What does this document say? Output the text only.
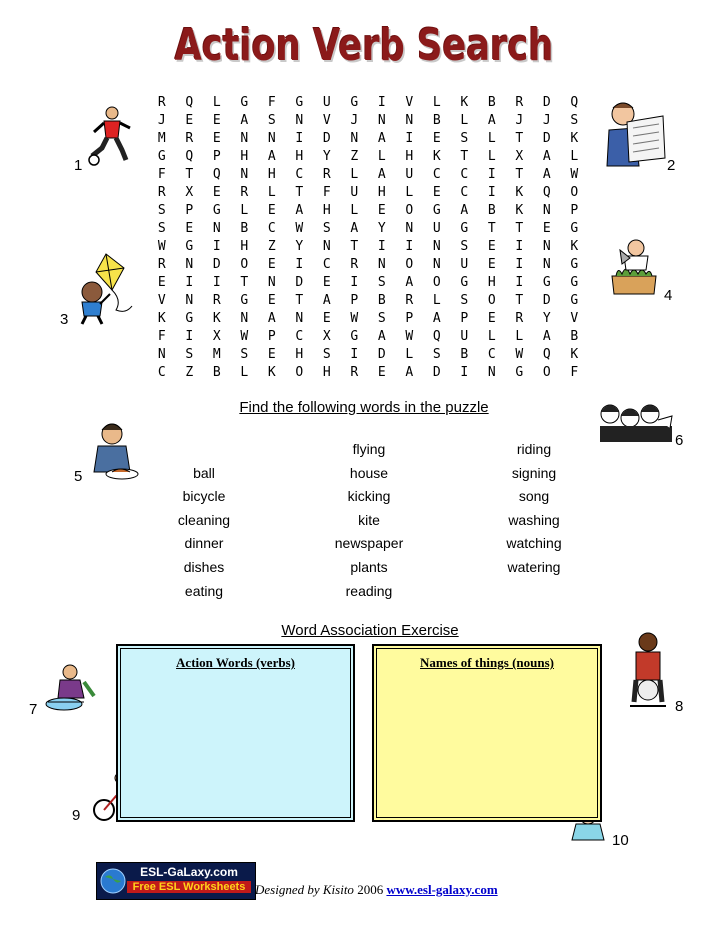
Action Verb Search
R	Q	L	G	F	G	U	G	I	V	L	K	B	R	D	Q
J	E	E	A	S	N	V	J	N	N	B	L	A	J	J	S
M	R	E	N	N	I	D	N	A	I	E	S	L	T	D	K
G	Q	P	H	A	H	Y	Z	L	H	K	T	L	X	A	L
F	T	Q	N	H	C	R	L	A	U	C	C	I	T	A	W
R	X	E	R	L	T	F	U	H	L	E	C	I	K	Q	O
S	P	G	L	E	A	H	L	E	O	G	A	B	K	N	P
S	E	N	B	C	W	S	A	Y	N	U	G	T	T	E	G
W	G	I	H	Z	Y	N	T	I	I	N	S	E	I	N	K
R	N	D	O	E	I	C	R	N	O	N	U	E	I	N	G
E	I	I	T	N	D	E	I	S	A	O	G	H	I	G	G
V	N	R	G	E	T	A	P	B	R	L	S	O	T	D	G
K	G	K	N	A	N	E	W	S	P	A	P	E	R	Y	V
F	I	X	W	P	C	X	G	A	W	Q	U	L	L	A	B
N	S	M	S	E	H	S	I	D	L	S	B	C	W	Q	K
C	Z	B	L	K	O	H	R	E	A	D	I	N	G	O	F
1	2
3
4
5
6
7	8
9
10
Find the following words in the puzzle
ball
bicycle
cleaning
dinner
dishes
eating
flying
house
kicking
kite
newspaper
plants
reading
riding
signing
song
washing
watching
watering
Word Association Exercise
Action Words (verbs)	Names of things (nouns)
ESL-GaLaxy.com
Free ESL Worksheets Designed by Kisito 2006 www.esl-galaxy.com
